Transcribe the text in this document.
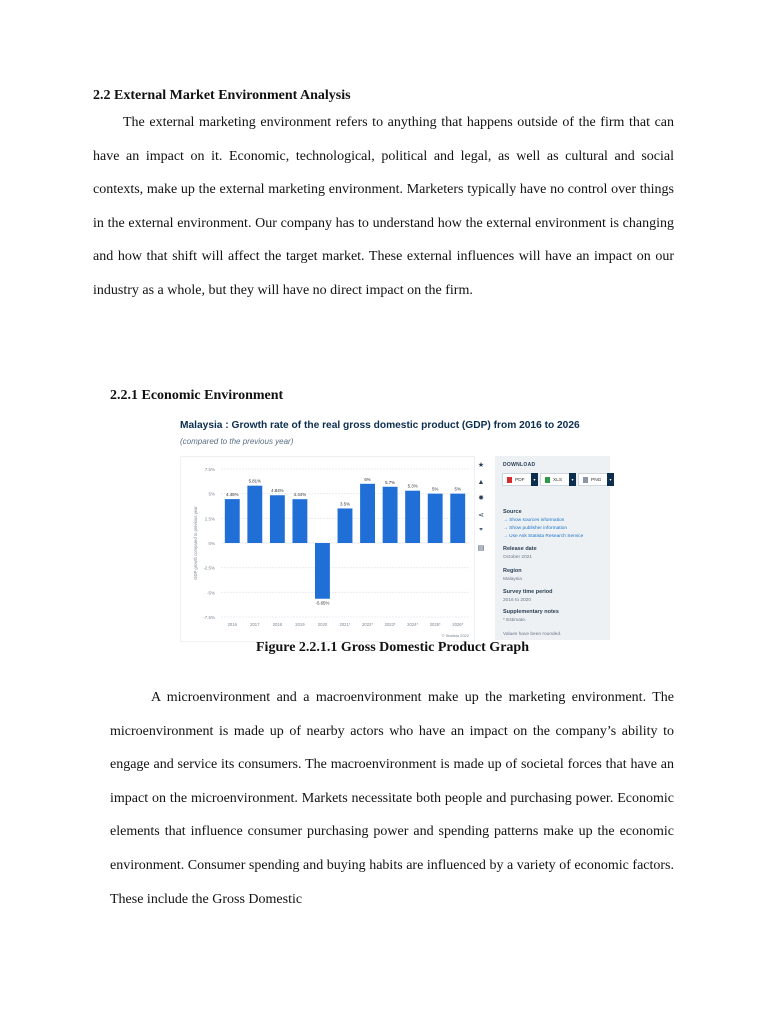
2.2 External Market Environment Analysis

The external marketing environment refers to anything that happens outside of the firm that can have an impact on it. Economic, technological, political and legal, as well as cultural and social contexts, make up the external marketing environment. Marketers typically have no control over things in the external environment. Our company has to understand how the external environment is changing and how that shift will affect the target market. These external influences will have an impact on our industry as a whole, but they will have no direct impact on the firm.

2.2.1 Economic Environment
Malaysia : Growth rate of the real gross domestic product (GDP) from 2016 to 2026
(compared to the previous year)
7.5%
5%
2.5%
0%
-2.5%
-5%
-7.5%
GDP growth compared to previous year
4.45%
2016
5.81%
2017
4.84%
2018
4.44%
2019
-5.65%
2020
3.5%
2021*
6%
2022*
5.7%
2023*
5.3%
2024*
5%
2025*
5%
2026*
© Statista 2022
★
▲
✹
⋖
❞
▤
DOWNLOAD
PDF	▾	XLS	▾	PNG	▾
Source
→ Show sources information
→ Show publisher information
→ Use Ask Statista Research Service
Release date
October 2021
Region
Malaysia
Survey time period
2016 to 2020
Supplementary notes
* Estimate.
Values have been rounded.

Figure 2.2.1.1 Gross Domestic Product Graph

A microenvironment and a macroenvironment make up the marketing environment. The microenvironment is made up of nearby actors who have an impact on the company’s ability to engage and service its consumers. The macroenvironment is made up of societal forces that have an impact on the microenvironment. Markets necessitate both people and purchasing power. Economic elements that influence consumer purchasing power and spending patterns make up the economic environment. Consumer spending and buying habits are influenced by a variety of economic factors. These include the Gross Domestic
